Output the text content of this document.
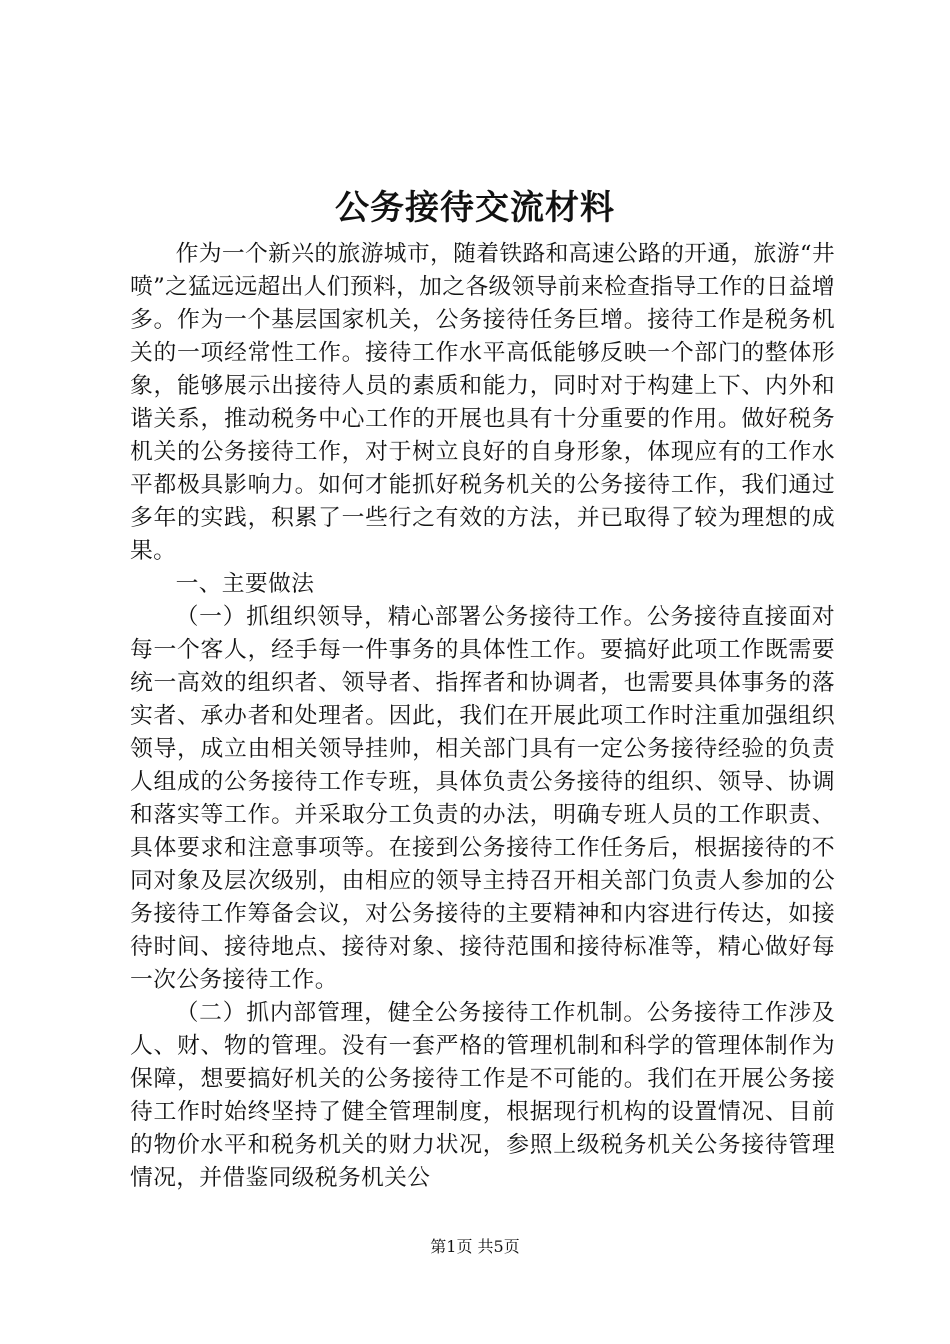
公务接待交流材料

作为一个新兴的旅游城市，随着铁路和高速公路的开通，旅游“井喷”之猛远远超出人们预料，加之各级领导前来检查指导工作的日益增多。作为一个基层国家机关，公务接待任务巨增。接待工作是税务机关的一项经常性工作。接待工作水平高低能够反映一个部门的整体形象，能够展示出接待人员的素质和能力，同时对于构建上下、内外和谐关系，推动税务中心工作的开展也具有十分重要的作用。做好税务机关的公务接待工作，对于树立良好的自身形象，体现应有的工作水平都极具影响力。如何才能抓好税务机关的公务接待工作，我们通过多年的实践，积累了一些行之有效的方法，并已取得了较为理想的成果。

一、主要做法

（一）抓组织领导，精心部署公务接待工作。公务接待直接面对每一个客人，经手每一件事务的具体性工作。要搞好此项工作既需要统一高效的组织者、领导者、指挥者和协调者，也需要具体事务的落实者、承办者和处理者。因此，我们在开展此项工作时注重加强组织领导，成立由相关领导挂帅，相关部门具有一定公务接待经验的负责人组成的公务接待工作专班，具体负责公务接待的组织、领导、协调和落实等工作。并采取分工负责的办法，明确专班人员的工作职责、具体要求和注意事项等。在接到公务接待工作任务后，根据接待的不同对象及层次级别，由相应的领导主持召开相关部门负责人参加的公务接待工作筹备会议，对公务接待的主要精神和内容进行传达，如接待时间、接待地点、接待对象、接待范围和接待标准等，精心做好每一次公务接待工作。

（二）抓内部管理，健全公务接待工作机制。公务接待工作涉及人、财、物的管理。没有一套严格的管理机制和科学的管理体制作为保障，想要搞好机关的公务接待工作是不可能的。我们在开展公务接待工作时始终坚持了健全管理制度，根据现行机构的设置情况、目前的物价水平和税务机关的财力状况，参照上级税务机关公务接待管理情况，并借鉴同级税务机关公

第1页 共5页
